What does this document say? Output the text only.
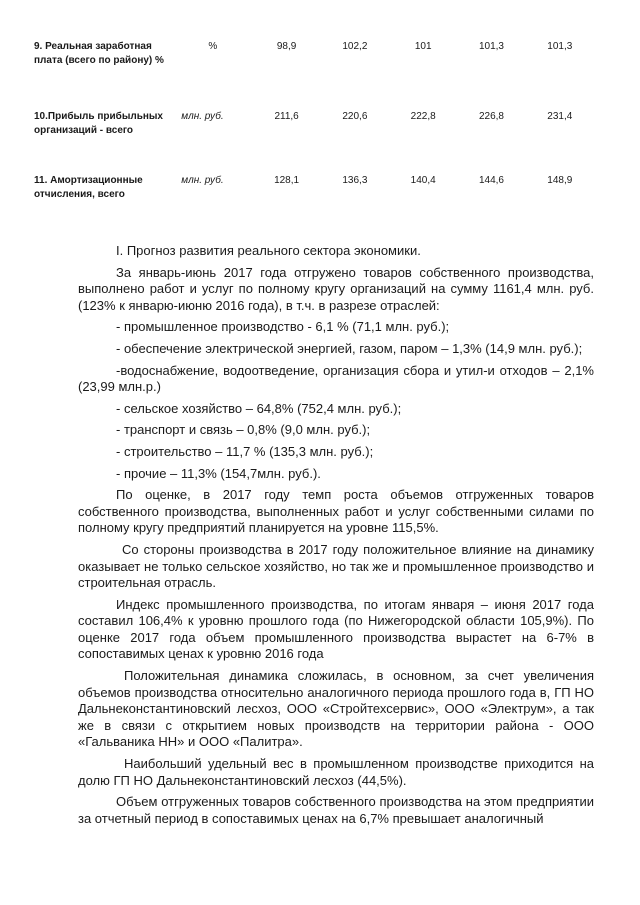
9. Реальная заработная плата (всего по району) %	%	98,9	102,2	101	101,3	101,3
10.Прибыль прибыльных организаций - всего	млн. руб.	211,6	220,6	222,8	226,8	231,4
11. Амортизационные отчисления, всего	млн. руб.	128,1	136,3	140,4	144,6	148,9

I. Прогноз развития реального сектора экономики.

За январь-июнь 2017 года отгружено товаров собственного производства, выполнено работ и услуг по полному кругу организаций на сумму 1161,4 млн. руб. (123% к январю-июню 2016 года), в т.ч. в разрезе отраслей:

- промышленное производство - 6,1 % (71,1 млн. руб.);

- обеспечение электрической энергией, газом, паром – 1,3% (14,9 млн. руб.);

-водоснабжение, водоотведение, организация сбора и утил-и отходов – 2,1% (23,99 млн.р.)

- сельское хозяйство – 64,8% (752,4 млн. руб.);

- транспорт и связь – 0,8% (9,0 млн. руб.);

- строительство – 11,7 % (135,3 млн. руб.);

- прочие – 11,3% (154,7млн. руб.).

По оценке, в 2017 году темп роста объемов отгруженных товаров собственного производства, выполненных работ и услуг собственными силами по полному кругу предприятий планируется на уровне 115,5%.

Со стороны производства в 2017 году положительное влияние на динамику оказывает не только сельское хозяйство, но так же и промышленное производство и строительная отрасль.

Индекс промышленного производства, по итогам января – июня 2017 года составил 106,4% к уровню прошлого года (по Нижегородской области 105,9%). По оценке 2017 года объем промышленного производства вырастет на 6-7% в сопоставимых ценах к уровню 2016 года

Положительная динамика сложилась, в основном, за счет увеличения объемов производства относительно аналогичного периода прошлого года в, ГП НО Дальнеконстантиновский лесхоз, ООО «Стройтехсервис», ООО «Электрум», а так же в связи с открытием новых производств на территории района - ООО «Гальваника НН» и ООО «Палитра».

Наибольший удельный вес в промышленном производстве приходится на долю ГП НО Дальнеконстантиновский лесхоз (44,5%).

Объем отгруженных товаров собственного производства на этом предприятии за отчетный период в сопоставимых ценах на 6,7% превышает аналогичный
